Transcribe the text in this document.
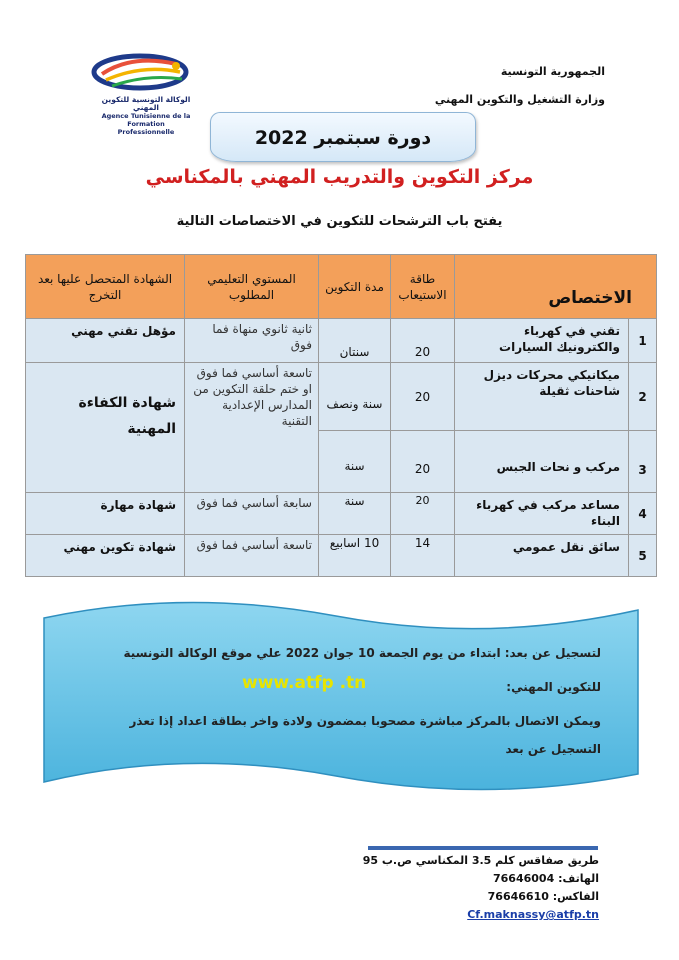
الوكالة التونسية للتكوين المهني
Agence Tunisienne de la Formation
Professionnelle
الجمهورية التونسية
وزارة التشغيل والتكوين المهني
دورة سبتمبر 2022
مركز التكوين والتدريب المهني بالمكناسي
يفتح باب الترشحات للتكوين في الاختصاصات التالية
الاختصاص		طاقة الاستيعاب	مدة التكوين	المستوي التعليمي المطلوب	الشهادة المتحصل عليها بعد التخرج
1	تقني في كهرباء والكترونيك السيارات	20	سنتان	ثانية ثانوي منهاة فما فوق	مؤهل تقني مهني
2	ميكانيكي محركات ديزل شاحنات ثقيلة	20	سنة ونصف	تاسعة أساسي فما فوق او ختم حلقة التكوين من المدارس الإعدادية التقنية	شهادة الكفاءة المهنية
3	مركب و نحات الجبس	20	سنة		
4	مساعد مركب في كهرباء البناء	20	سنة	سابعة أساسي فما فوق	شهادة مهارة
5	سائق نقل عمومي	14	10 اسابيع	تاسعة أساسي فما فوق	شهادة تكوين مهني
لتسجيل عن بعد: ابتداء من يوم الجمعة 10 جوان 2022 علي موقع الوكالة التونسية
للتكوين المهني:
ويمكن الاتصال بالمركز مباشرة مصحوبا بمضمون ولادة واخر بطاقة اعداد إذا تعذر
التسجيل عن بعد
www.atfp .tn
طريق صفاقس كلم 3.5 المكناسي ص.ب 95
الهاتف: 76646004
الفاكس: 76646610
Cf.maknassy@atfp.tn
